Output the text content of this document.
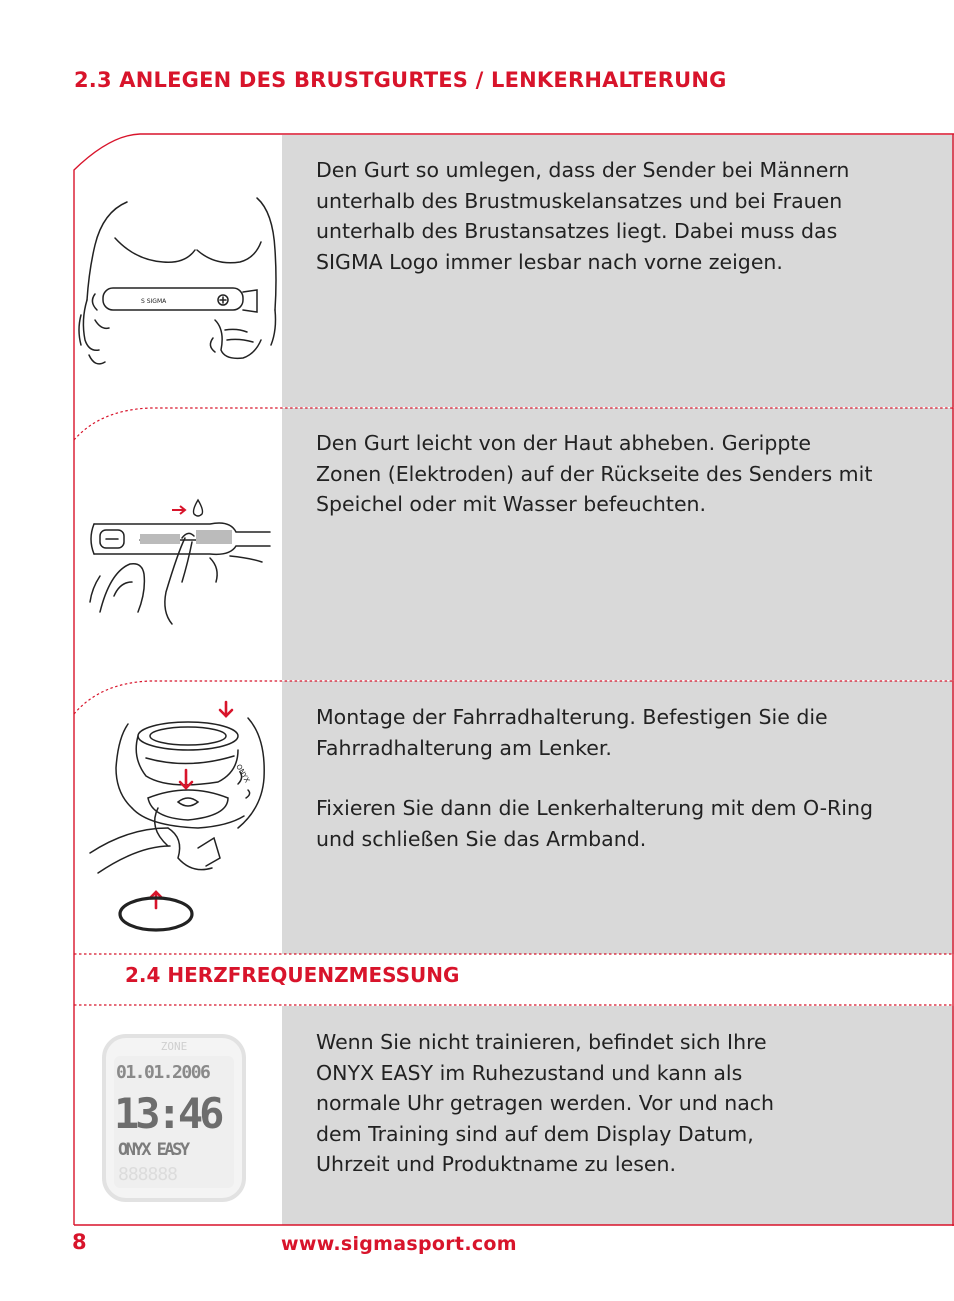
2.3 ANLEGEN DES BRUSTGURTES / LENKERHALTERUNG

Den Gurt so umlegen, dass der Sender bei Männern unterhalb des Brustmuskelansatzes und bei Frauen unterhalb des Brustansatzes liegt. Dabei muss das SIGMA Logo immer lesbar nach vorne zeigen.

Den Gurt leicht von der Haut abheben. Gerippte Zonen (Elektroden) auf der Rückseite des Senders mit Speichel oder mit Wasser befeuchten.

Montage der Fahrradhalterung. Befestigen Sie die Fahrradhalterung am Lenker.

Fixieren Sie dann die Lenkerhalterung mit dem O-Ring und schließen Sie das Armband.

2.4 HERZFREQUENZMESSUNG

Wenn Sie nicht trainieren, befindet sich Ihre ONYX EASY im Ruhezustand und kann als normale Uhr getragen werden. Vor und nach dem Training sind auf dem Display Datum, Uhrzeit und Produktname zu lesen.

S SIGMA
ONYX
ZONE
01.01.2006
13:46
ONYX EASY
888888
8	www.sigmasport.com
